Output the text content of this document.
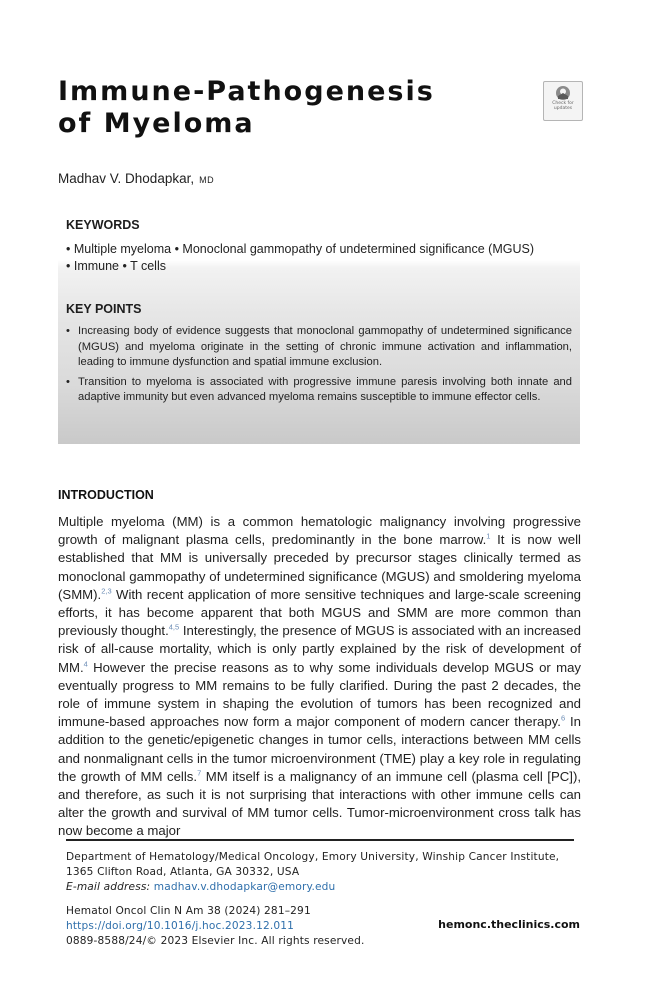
Immune-Pathogenesis of Myeloma
Check for
updates
Madhav V. Dhodapkar, MD
KEYWORDS
• Multiple myeloma • Monoclonal gammopathy of undetermined significance (MGUS)
• Immune • T cells
KEY POINTS
• Increasing body of evidence suggests that monoclonal gammopathy of undetermined significance (MGUS) and myeloma originate in the setting of chronic immune activation and inflammation, leading to immune dysfunction and spatial immune exclusion.
• Transition to myeloma is associated with progressive immune paresis involving both innate and adaptive immunity but even advanced myeloma remains susceptible to immune effector cells.
INTRODUCTION

Multiple myeloma (MM) is a common hematologic malignancy involving progressive growth of malignant plasma cells, predominantly in the bone marrow.$^1$ It is now well established that MM is universally preceded by precursor stages clinically termed as monoclonal gammopathy of undetermined significance (MGUS) and smoldering myeloma (SMM).$^{2,3}$ With recent application of more sensitive techniques and large-scale screening efforts, it has become apparent that both MGUS and SMM are more common than previously thought.$^{4,5}$ Interestingly, the presence of MGUS is associated with an increased risk of all-cause mortality, which is only partly explained by the risk of development of MM.$^4$ However the precise reasons as to why some individuals develop MGUS or may eventually progress to MM remains to be fully clarified. During the past 2 decades, the role of immune system in shaping the evolution of tumors has been recognized and immune-based approaches now form a major component of modern cancer therapy.$^6$ In addition to the genetic/epigenetic changes in tumor cells, interactions between MM cells and nonmalignant cells in the tumor microenvironment (TME) play a key role in regulating the growth of MM cells.$^7$ MM itself is a malignancy of an immune cell (plasma cell [PC]), and therefore, as such it is not surprising that interactions with other immune cells can alter the growth and survival of MM tumor cells. Tumor-microenvironment cross talk has now become a major

Department of Hematology/Medical Oncology, Emory University, Winship Cancer Institute, 1365 Clifton Road, Atlanta, GA 30332, USA
E-mail address: madhav.v.dhodapkar@emory.edu
Hematol Oncol Clin N Am 38 (2024) 281–291
https://doi.org/10.1016/j.hoc.2023.12.011
0889-8588/24/© 2023 Elsevier Inc. All rights reserved.
hemonc.theclinics.com
